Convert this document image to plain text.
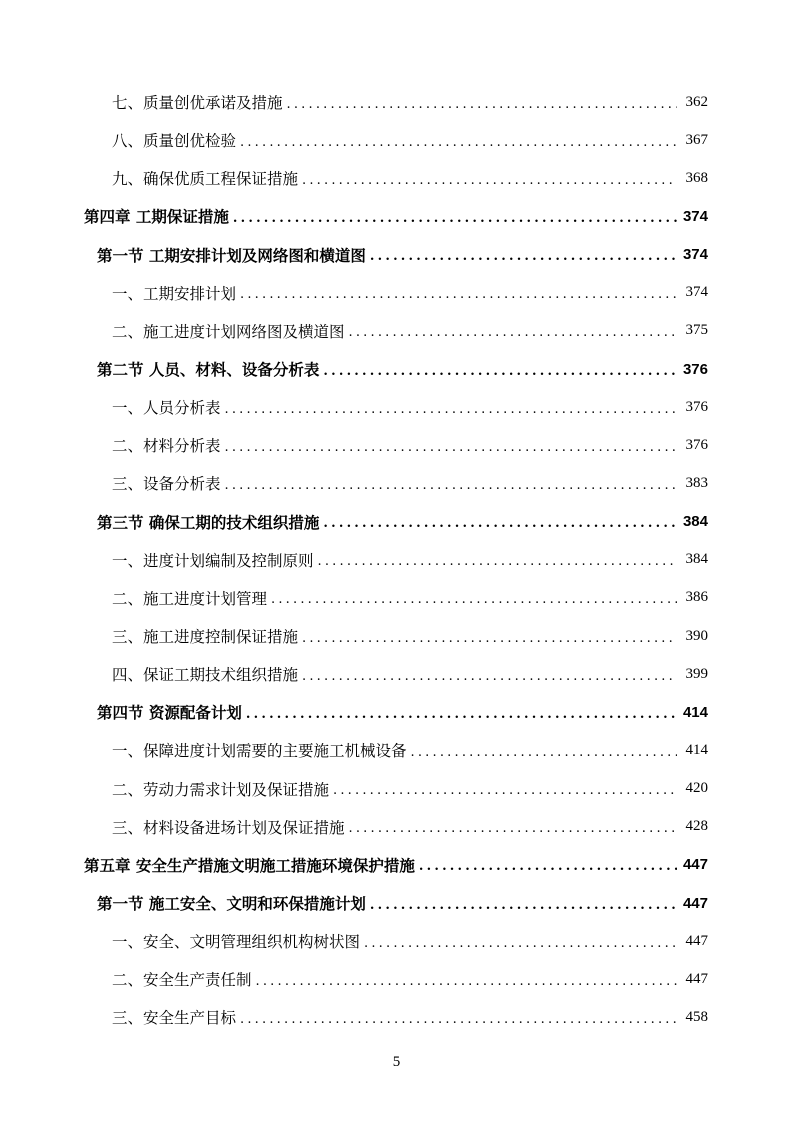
七、质量创优承诺及措施 .....	362
八、质量创优检验 .....	367
九、确保优质工程保证措施 .....	368
第四章 工期保证措施 .....	374
第一节 工期安排计划及网络图和横道图 .....	374
一、工期安排计划 .....	374
二、施工进度计划网络图及横道图 .....	375
第二节 人员、材料、设备分析表 .....	376
一、人员分析表 .....	376
二、材料分析表 .....	376
三、设备分析表 .....	383
第三节 确保工期的技术组织措施 .....	384
一、进度计划编制及控制原则 .....	384
二、施工进度计划管理 .....	386
三、施工进度控制保证措施 .....	390
四、保证工期技术组织措施 .....	399
第四节 资源配备计划 .....	414
一、保障进度计划需要的主要施工机械设备 .....	414
二、劳动力需求计划及保证措施 .....	420
三、材料设备进场计划及保证措施 .....	428
第五章 安全生产措施文明施工措施环境保护措施 .....	447
第一节 施工安全、文明和环保措施计划 .....	447
一、安全、文明管理组织机构树状图 .....	447
二、安全生产责任制 .....	447
三、安全生产目标 .....	458
5
